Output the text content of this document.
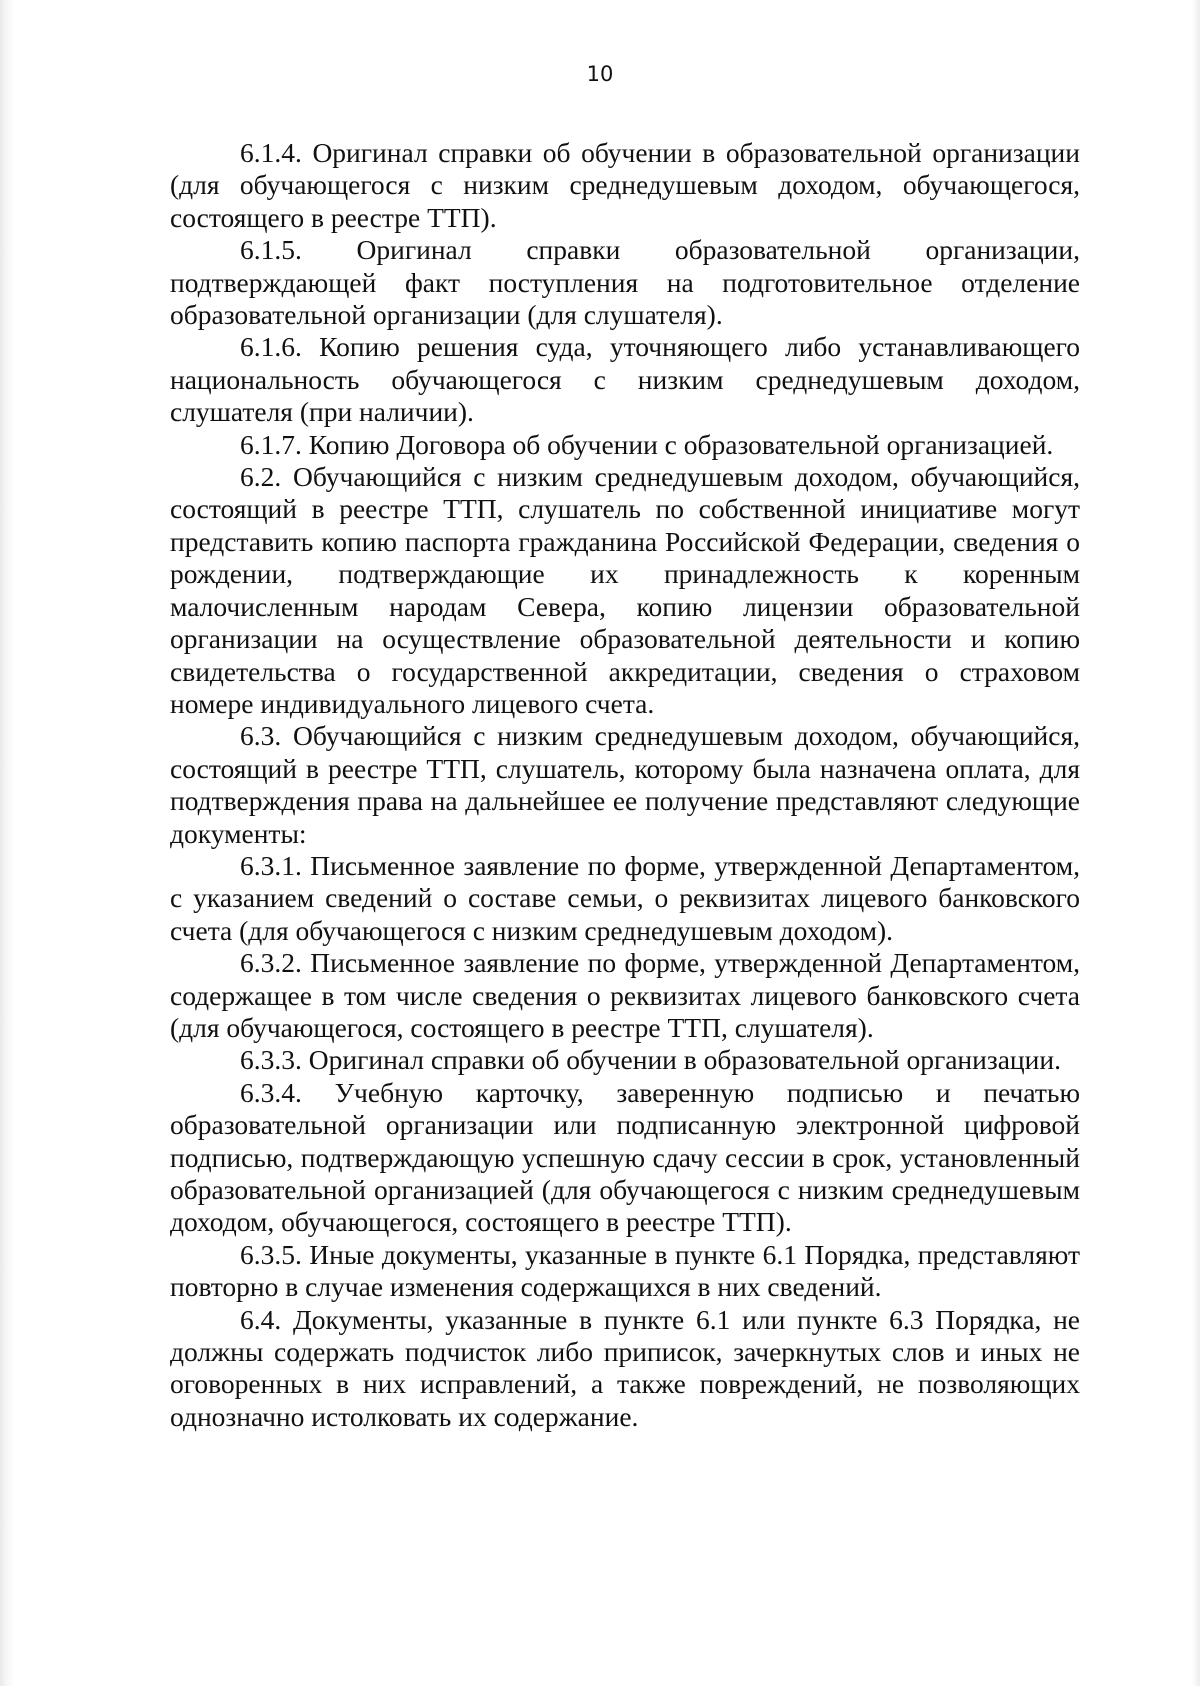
10

6.1.4. Оригинал справки об обучении в образовательной организации (для обучающегося с низким среднедушевым доходом, обучающегося, состоящего в реестре ТТП).

6.1.5. Оригинал справки образовательной организации, подтверждающей факт поступления на подготовительное отделение образовательной организации (для слушателя).

6.1.6. Копию решения суда, уточняющего либо устанавливающего национальность обучающегося с низким среднедушевым доходом, слушателя (при наличии).

6.1.7. Копию Договора об обучении с образовательной организацией.

6.2. Обучающийся с низким среднедушевым доходом, обучающийся, состоящий в реестре ТТП, слушатель по собственной инициативе могут представить копию паспорта гражданина Российской Федерации, сведения о рождении, подтверждающие их принадлежность к коренным малочисленным народам Севера, копию лицензии образовательной организации на осуществление образовательной деятельности и копию свидетельства о государственной аккредитации, сведения о страховом номере индивидуального лицевого счета.

6.3. Обучающийся с низким среднедушевым доходом, обучающийся, состоящий в реестре ТТП, слушатель, которому была назначена оплата, для подтверждения права на дальнейшее ее получение представляют следующие документы:

6.3.1. Письменное заявление по форме, утвержденной Департаментом, с указанием сведений о составе семьи, о реквизитах лицевого банковского счета (для обучающегося с низким среднедушевым доходом).

6.3.2. Письменное заявление по форме, утвержденной Департаментом, содержащее в том числе сведения о реквизитах лицевого банковского счета (для обучающегося, состоящего в реестре ТТП, слушателя).

6.3.3. Оригинал справки об обучении в образовательной организации.

6.3.4. Учебную карточку, заверенную подписью и печатью образовательной организации или подписанную электронной цифровой подписью, подтверждающую успешную сдачу сессии в срок, установленный образовательной организацией (для обучающегося с низким среднедушевым доходом, обучающегося, состоящего в реестре ТТП).

6.3.5. Иные документы, указанные в пункте 6.1 Порядка, представляют повторно в случае изменения содержащихся в них сведений.

6.4. Документы, указанные в пункте 6.1 или пункте 6.3 Порядка, не должны содержать подчисток либо приписок, зачеркнутых слов и иных не оговоренных в них исправлений, а также повреждений, не позволяющих однозначно истолковать их содержание.
